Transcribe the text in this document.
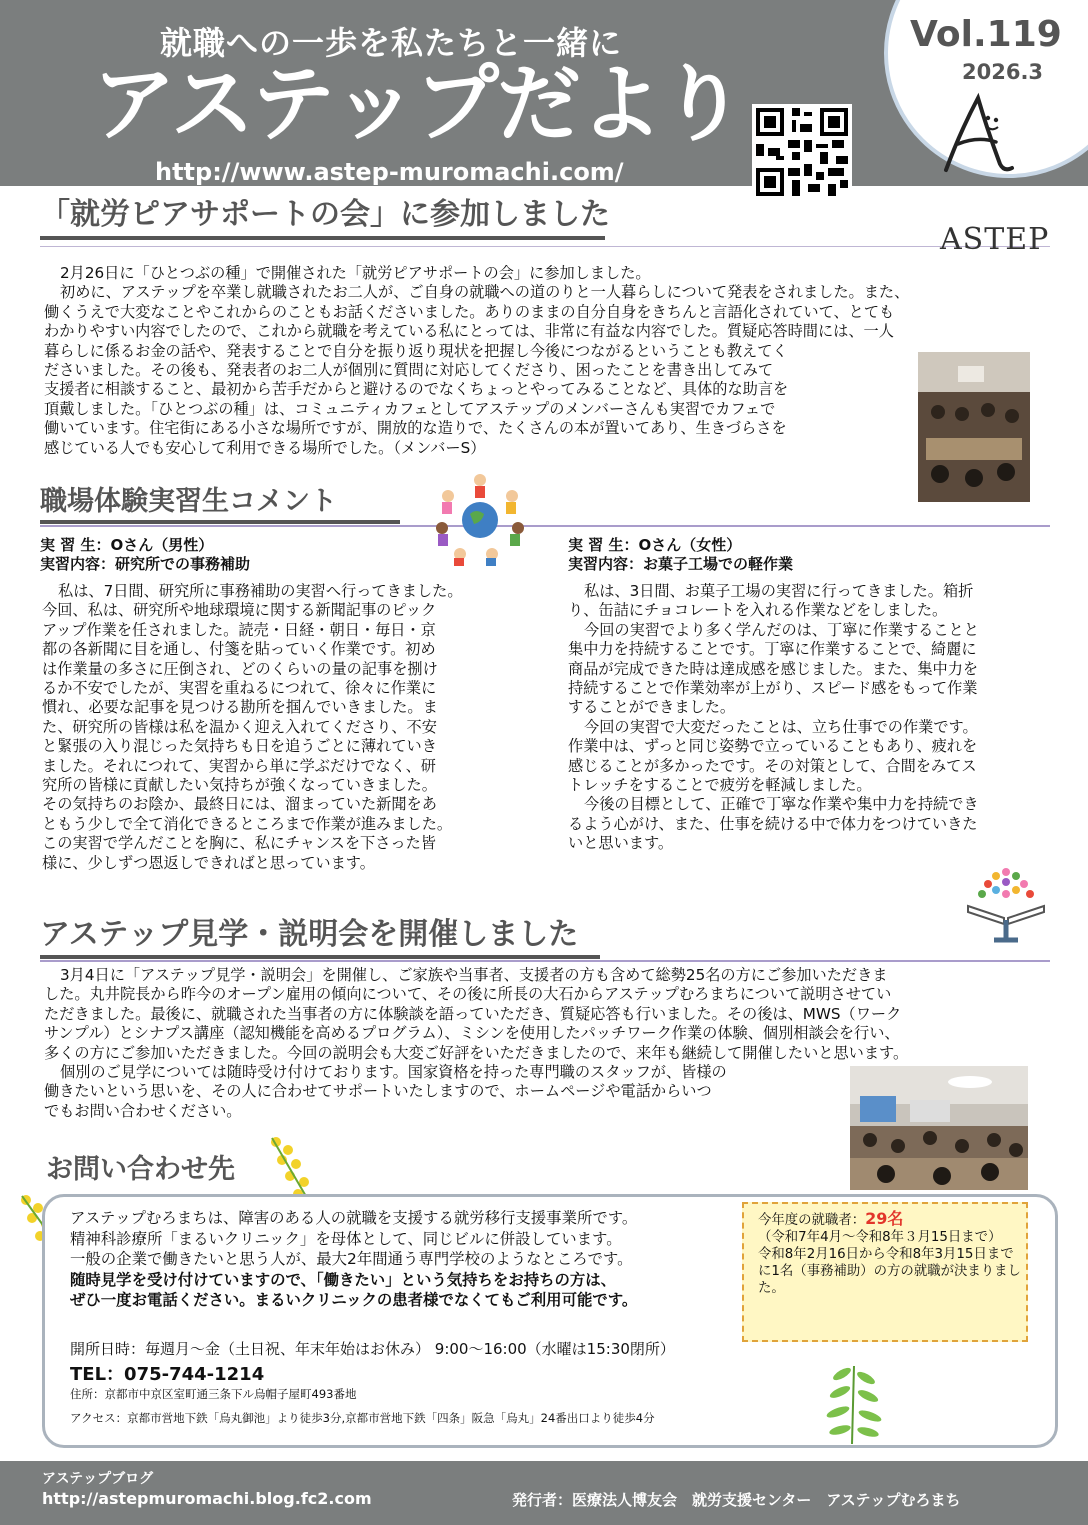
就職への一歩を私たちと一緒に
アステップだより
http://www.astep-muromachi.com/
Vol.119
2026.3
「就労ピアサポートの会」に参加しました
ASTEP
2月26日に「ひとつぶの種」で開催された「就労ピアサポートの会」に参加しました。
初めに、アステップを卒業し就職されたお二人が、ご自身の就職への道のりと一人暮らしについて発表をされました。また、
働くうえで大変なことやこれからのこともお話くださいました。ありのままの自分自身をきちんと言語化されていて、とても
わかりやすい内容でしたので、これから就職を考えている私にとっては、非常に有益な内容でした。質疑応答時間には、一人
暮らしに係るお金の話や、発表することで自分を振り返り現状を把握し今後につながるということも教えてく
ださいました。その後も、発表者のお二人が個別に質問に対応してくださり、困ったことを書き出してみて
支援者に相談すること、最初から苦手だからと避けるのでなくちょっとやってみることなど、具体的な助言を
頂戴しました。「ひとつぶの種」は、コミュニティカフェとしてアステップのメンバーさんも実習でカフェで
働いています。住宅街にある小さな場所ですが、開放的な造りで、たくさんの本が置いてあり、生きづらさを
感じている人でも安心して利用できる場所でした。（メンバーS）
職場体験実習生コメント
実 習 生：Oさん（男性）
実習内容：研究所での事務補助
私は、7日間、研究所に事務補助の実習へ行ってきました。
今回、私は、研究所や地球環境に関する新聞記事のピック
アップ作業を任されました。読売・日経・朝日・毎日・京
都の各新聞に目を通し、付箋を貼っていく作業です。初め
は作業量の多さに圧倒され、どのくらいの量の記事を捌け
るか不安でしたが、実習を重ねるにつれて、徐々に作業に
慣れ、必要な記事を見つける勘所を掴んでいきました。ま
た、研究所の皆様は私を温かく迎え入れてくださり、不安
と緊張の入り混じった気持ちも日を追うごとに薄れていき
ました。それにつれて、実習から単に学ぶだけでなく、研
究所の皆様に貢献したい気持ちが強くなっていきました。
その気持ちのお陰か、最終日には、溜まっていた新聞をあ
ともう少しで全て消化できるところまで作業が進みました。
この実習で学んだことを胸に、私にチャンスを下さった皆
様に、少しずつ恩返しできればと思っています。
実 習 生：Oさん（女性）
実習内容：お菓子工場での軽作業
私は、3日間、お菓子工場の実習に行ってきました。箱折
り、缶詰にチョコレートを入れる作業などをしました。
今回の実習でより多く学んだのは、丁寧に作業することと
集中力を持続することです。丁寧に作業することで、綺麗に
商品が完成できた時は達成感を感じました。また、集中力を
持続することで作業効率が上がり、スピード感をもって作業
することができました。
今回の実習で大変だったことは、立ち仕事での作業です。
作業中は、ずっと同じ姿勢で立っていることもあり、疲れを
感じることが多かったです。その対策として、合間をみてス
トレッチをすることで疲労を軽減しました。
今後の目標として、正確で丁寧な作業や集中力を持続でき
るよう心がけ、また、仕事を続ける中で体力をつけていきた
いと思います。
アステップ見学・説明会を開催しました
3月4日に「アステップ見学・説明会」を開催し、ご家族や当事者、支援者の方も含めて総勢25名の方にご参加いただきま
した。丸井院長から昨今のオープン雇用の傾向について、その後に所長の大石からアステップむろまちについて説明させてい
ただきました。最後に、就職された当事者の方に体験談を語っていただき、質疑応答も行いました。その後は、MWS（ワーク
サンプル）とシナプス講座（認知機能を高めるプログラム）、ミシンを使用したパッチワーク作業の体験、個別相談会を行い、
多くの方にご参加いただきました。今回の説明会も大変ご好評をいただきましたので、来年も継続して開催したいと思います。
個別のご見学については随時受け付けております。国家資格を持った専門職のスタッフが、皆様の
働きたいという思いを、その人に合わせてサポートいたしますので、ホームページや電話からいつ
でもお問い合わせください。
お問い合わせ先
アステップむろまちは、障害のある人の就職を支援する就労移行支援事業所です。
精神科診療所「まるいクリニック」を母体として、同じビルに併設しています。
一般の企業で働きたいと思う人が、最大2年間通う専門学校のようなところです。
随時見学を受け付けていますので、「働きたい」という気持ちをお持ちの方は、
ぜひ一度お電話ください。まるいクリニックの患者様でなくてもご利用可能です。
開所日時：毎週月～金（土日祝、年末年始はお休み） 9:00～16:00（水曜は15:30閉所）
TEL：075-744-1214
住所：京都市中京区室町通三条下ル烏帽子屋町493番地
アクセス：京都市営地下鉄「烏丸御池」より徒歩3分,京都市営地下鉄「四条」阪急「烏丸」24番出口より徒歩4分
今年度の就職者：29名
（令和7年4月～令和8年３月15日まで）
令和8年2月16日から令和8年3月15日までに1名（事務補助）の方の就職が決まりました。
アステップブログ
http://astepmuromachi.blog.fc2.com	発行者：医療法人博友会　就労支援センター　アステップむろまち
